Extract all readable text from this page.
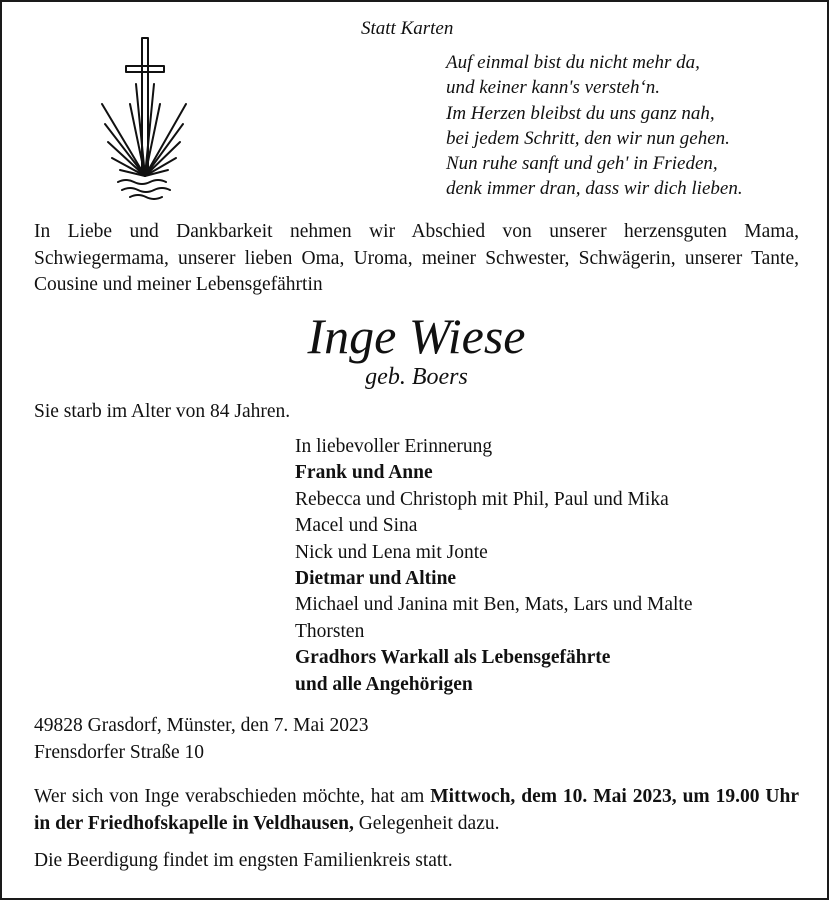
Statt Karten
Auf einmal bist du nicht mehr da,
und keiner kann's versteh‘n.
Im Herzen bleibst du uns ganz nah,
bei jedem Schritt, den wir nun gehen.
Nun ruhe sanft und geh' in Frieden,
denk immer dran, dass wir dich lieben.
In Liebe und Dankbarkeit nehmen wir Abschied von unserer herzensguten Mama, Schwiegermama, unserer lieben Oma, Uroma, meiner Schwester, Schwägerin, unserer Tante, Cousine und meiner Lebensgefährtin
Inge Wiese
geb. Boers
Sie starb im Alter von 84 Jahren.
In liebevoller Erinnerung
Frank und Anne
Rebecca und Christoph mit Phil, Paul und Mika
Macel und Sina
Nick und Lena mit Jonte
Dietmar und Altine
Michael und Janina mit Ben, Mats, Lars und Malte
Thorsten
Gradhors Warkall als Lebensgefährte
und alle Angehörigen
49828 Grasdorf, Münster, den 7. Mai 2023
Frensdorfer Straße 10
Wer sich von Inge verabschieden möchte, hat am Mittwoch, dem 10. Mai 2023, um 19.00 Uhr in der Friedhofskapelle in Veldhausen, Gelegenheit dazu.
Die Beerdigung findet im engsten Familienkreis statt.
